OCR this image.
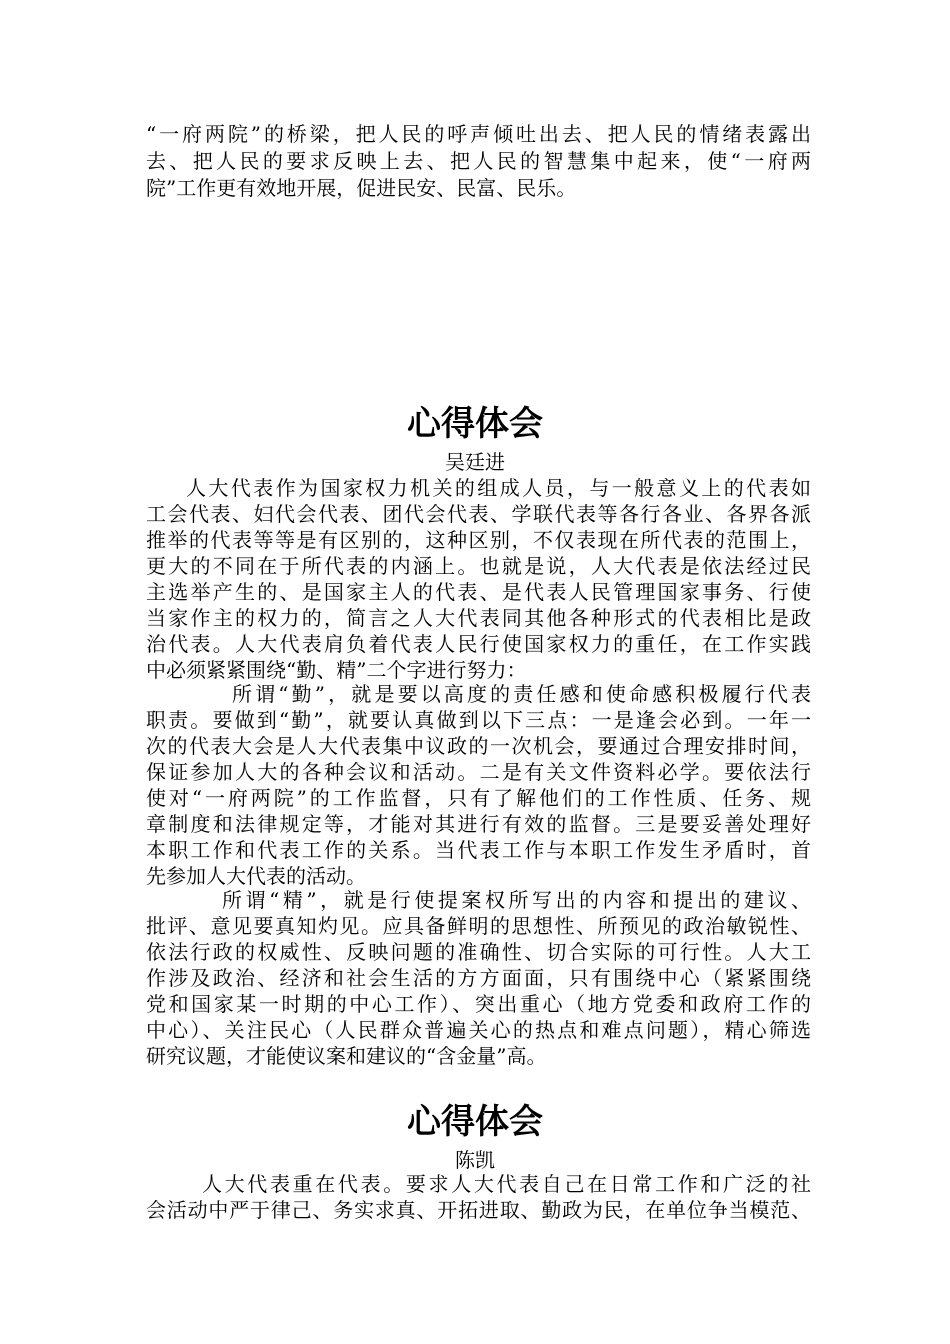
“一府两院”的桥梁，把人民的呼声倾吐出去、把人民的情绪表露出
去、把人民的要求反映上去、把人民的智慧集中起来，使“一府两
院”工作更有效地开展，促进民安、民富、民乐。
心得体会
吴廷进
人大代表作为国家权力机关的组成人员，与一般意义上的代表如
工会代表、妇代会代表、团代会代表、学联代表等各行各业、各界各派
推举的代表等等是有区别的，这种区别，不仅表现在所代表的范围上，
更大的不同在于所代表的内涵上。也就是说，人大代表是依法经过民
主选举产生的、是国家主人的代表、是代表人民管理国家事务、行使
当家作主的权力的，简言之人大代表同其他各种形式的代表相比是政
治代表。人大代表肩负着代表人民行使国家权力的重任，在工作实践
中必须紧紧围绕“勤、精”二个字进行努力：
所谓“勤”，就是要以高度的责任感和使命感积极履行代表
职责。要做到“勤”，就要认真做到以下三点：一是逢会必到。一年一
次的代表大会是人大代表集中议政的一次机会，要通过合理安排时间，
保证参加人大的各种会议和活动。二是有关文件资料必学。要依法行
使对“一府两院”的工作监督，只有了解他们的工作性质、任务、规
章制度和法律规定等，才能对其进行有效的监督。三是要妥善处理好
本职工作和代表工作的关系。当代表工作与本职工作发生矛盾时，首
先参加人大代表的活动。
所谓“精”，就是行使提案权所写出的内容和提出的建议、
批评、意见要真知灼见。应具备鲜明的思想性、所预见的政治敏锐性、
依法行政的权威性、反映问题的准确性、切合实际的可行性。人大工
作涉及政治、经济和社会生活的方方面面，只有围绕中心（紧紧围绕
党和国家某一时期的中心工作）、突出重心（地方党委和政府工作的
中心）、关注民心（人民群众普遍关心的热点和难点问题），精心筛选
研究议题，才能使议案和建议的“含金量”高。
心得体会
陈凯
人大代表重在代表。要求人大代表自己在日常工作和广泛的社
会活动中严于律己、务实求真、开拓进取、勤政为民，在单位争当模范、
